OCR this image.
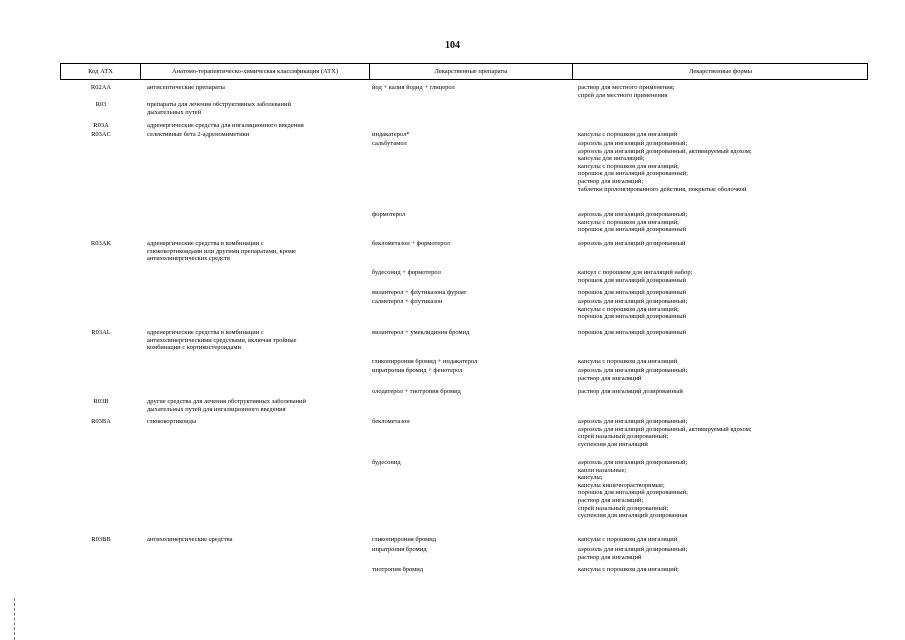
104
Код АТХ	Анатомо-терапевтическо-химическая классификация (АТХ)	Лекарственные препараты	Лекарственные формы
R02AA	антисептические препараты	йод + калия йодид + глицерол	раствор для местного применения;
спрей для местного применения
R03	препараты для лечения обструктивных заболеваний
дыхательных путей
R03A	адренергические средства для ингаляционного введения
R03AC	селективные бета 2-адреномиметики	индакатерол*	капсулы с порошком для ингаляций
сальбутамол	аэрозоль для ингаляций дозированный;
аэрозоль для ингаляций дозированный, активируемый вдохом;
капсулы для ингаляций;
капсулы с порошком для ингаляций;
порошок для ингаляций дозированный;
раствор для ингаляций;
таблетки пролонгированного действия, покрытые оболочкой
формотерол	аэрозоль для ингаляций дозированный;
капсулы с порошком для ингаляций;
порошок для ингаляций дозированный
R03AK	адренергические средства в комбинации с
глюкокортикоидами или другими препаратами, кроме
антихолинергических средств
беклометазон + формотерол	аэрозоль для ингаляций дозированный
будесонид + формотерол	капсул с порошком для ингаляций набор;
порошок для ингаляций дозированный
вилантерол + флутиказона фуроат	порошок для ингаляций дозированный
салметерол + флутиказон	аэрозоль для ингаляций дозированный;
капсулы с порошком для ингаляций;
порошок для ингаляций дозированный
R03AL	адренергические средства в комбинации с
антихолинергическими средствами, включая тройные
комбинации с кортикостероидами
вилантерол + умеклидиния бромид	порошок для ингаляций дозированный
гликопиррония бромид + индакатерол	капсулы с порошком для ингаляций
ипратропия бромид + фенотерол	аэрозоль для ингаляций дозированный;
раствор для ингаляций
олодатерол + тиотропия бромид	раствор для ингаляций дозированный
R03B	другие средства для лечения обструктивных заболеваний
дыхательных путей для ингаляционного введения
R03BA	глюкокортикоиды	беклометазон	аэрозоль для ингаляций дозированный;
аэрозоль для ингаляций дозированный, активируемый вдохом;
спрей назальный дозированный;
суспензия для ингаляций
будесонид	аэрозоль для ингаляций дозированный;
капли назальные;
капсулы;
капсулы кишечнорастворимые;
порошок для ингаляций дозированный;
раствор для ингаляций;
спрей назальный дозированный;
суспензия для ингаляций дозированная
R03BB	антихолинергические средства	гликопиррония бромид	капсулы с порошком для ингаляций
ипратропия бромид	аэрозоль для ингаляций дозированный;
раствор для ингаляций
тиотропия бромид	капсулы с порошком для ингаляций;
